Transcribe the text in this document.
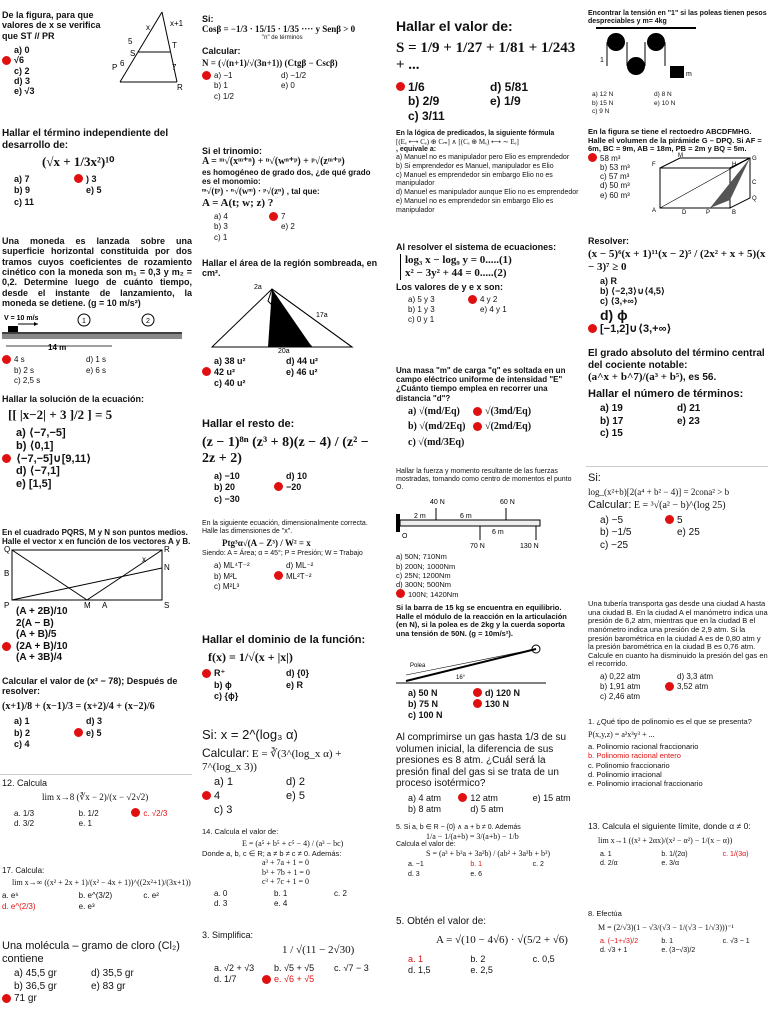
De la figura, para que valores de x se verifica que ST // PR
x+1
x
T
5
S
P 6
R
7
a) 0
√6
c) 2
d) 3
e) √3
Hallar el término independiente del desarrollo de:
(√x + 1/3x²)¹⁰
a) 7	) 3
b) 9	e) 5
c) 11
Una moneda es lanzada sobre una superficie horizontal constituida por dos tramos cuyos coeficientes de rozamiento cinético con la moneda son m₁ = 0,3 y m₂ = 0,2. Determine luego de cuánto tiempo, desde el instante de lanzamiento, la moneda se detiene. (g = 10 m/s²)
V = 10 m/s	1	2
14 m
4 s	d) 1 s
b) 2 s	e) 6 s
c) 2,5 s
Hallar la solución de la ecuación:
[[ |x−2| + 3 ]/2 ] = 5
a) ⟨−7,−5]
b) ⟨0,1]
⟨−7,−5]∪[9,11⟩
d) ⟨−7,1]
e) [1,5]
En el cuadrado PQRS, M y N son puntos medios. Halle el vector x en función de los vectores A y B.
Q	R
N
M
B
A
x
P	S
(A + 2B)/10
2(A − B)
(A + B)/5
(2A + B)/10
(A + 3B)/4
Calcular el valor de (x² − 78); Después de resolver:
(x+1)/8 + (x−1)/3 = (x+2)/4 + (x−2)/6
a) 1	d) 3
b) 2	e) 5
c) 4
12. Calcula
lim x→8 (∛x − 2)/(x − √2√2)
a. 1/3	b. 1/2	c. √2/3
d. 3/2	e. 1
17. Calcula:
lim x→∞ ((x² + 2x + 1)/(x² − 4x + 1))^((2x²+1)/(3x+1))
a. e⁶	b. e^(3/2)	c. e²
d. e^(2/3)	e. e³
Una molécula – gramo de cloro (Cl₂) contiene
a) 45,5 gr	d) 35,5 gr
b) 36,5 gr	e) 83 gr
71 gr
Si:
Cosβ = −1/3 · 15/15 · 1/35 ···· y Senβ > 0
"n" de términos
Calcular:
N = (√(n+1)/√(3n+1)) (Ctgβ − Cscβ)
a) −1	d) −1/2
b) 1	e) 0
c) 1/2
Si el trinomio:
A = ᵐ√(xᵐ⁺ⁿ) + ⁿ√(wⁿ⁺ᵖ) + ᵖ√(zᵐ⁺ᵖ)
es homogéneo de grado dos, ¿de qué grado es el monomio:
ᵐ√(tᵖ) · ⁿ√(wᵐ) · ᵖ√(zⁿ) , tal que:
A = A(t; w; z) ?
a) 4	7
b) 3	e) 2
c) 1
Hallar el área de la región sombreada, en cm².
2a
17a
20a
a) 38 u²	d) 44 u²
42 u²	e) 46 u²
c) 40 u²
Hallar el resto de:
(z − 1)⁸ⁿ (z³ + 8)(z − 4) / (z² − 2z + 2)
a) −10	d) 10
b) 20	−20
c) −30
En la siguiente ecuación, dimensionalmente correcta. Halle las dimensiones de "x".
Ptg³α√(A − Z³) / W² = x
Siendo: A = Área; α = 45°; P = Presión; W = Trabajo
a) ML⁴T⁻²	d) ML⁻²
b) M²L	ML²T⁻²
c) M²L³
Hallar el dominio de la función:
f(x) = 1/√(x + |x|)
R⁺	d) {0}
b) ϕ	e) R
c) {ϕ}
Si: x = 2^(log₃ α)
Calcular: E = ∛(3^(log_x α) + 7^(log_x 3))
a) 1	d) 2
4	e) 5
c) 3
14. Calcula el valor de:
E = (a⁵ + b⁵ + c⁵ − 4) / (a³ − bc)
Donde a, b, c ∈ R; a ≠ b ≠ c ≠ 0. Además:
a³ + 7a + 1 = 0
b³ + 7b + 1 = 0
c³ + 7c + 1 = 0
a. 0	b. 1	c. 2
d. 3	e. 4
3. Simplifica:
1 / √(11 − 2√30)
a. √2 + √3	b. √5 + √5	c. √7 − 3
d. 1/7	e. √6 + √5
Hallar el valor de:
S = 1/9 + 1/27 + 1/81 + 1/243 + ...
1/6	d) 5/81
b) 2/9	e) 1/9
c) 3/11
En la lógica de predicados, la siguiente fórmula
[(Eₑ ⟷ Cₑ) ⊕ Cₘ] ∧ [(Cₑ ⊕ Mₑ) ⟷ ∼ Eₑ]
, equivale a:
a) Manuel no es manipulador pero Elio es emprendedor
b) Si emprendedor es Manuel, manipulador es Elio
c) Manuel es emprendedor sin embargo Elio no es manipulador
d) Manuel es manipulador aunque Elio no es emprendedor
e) Manuel no es emprendedor sin embargo Elio es manipulador
Al resolver el sistema de ecuaciones:
log₃ x − log₉ y = 0.....(1)
x² − 3y² + 44 = 0.....(2)
Los valores de y e x son:
a) 5 y 3	4 y 2
b) 1 y 3	e) 4 y 1
c) 0 y 1
Una masa "m" de carga "q" es soltada en un campo eléctrico uniforme de intensidad "E" ¿Cuánto tiempo emplea en recorrer una distancia "d"?
a) √(md/Eq)	√(3md/Eq)
b) √(md/2Eq)	√(2md/Eq)
c) √(md/3Eq)
Hallar la fuerza y momento resultante de las fuerzas mostradas, tomando como centro de momentos el punto O.
40 N	60 N
2 m	6 m
6 m
O
70 N	130 N
a) 50N; 710Nm
b) 200N; 1000Nm
c) 25N; 1200Nm
d) 300N; 500Nm
100N; 1420Nm
Si la barra de 15 kg se encuentra en equilibrio. Halle el módulo de la reacción en la articulación (en N), si la polea es de 2kg y la cuerda soporta una tensión de 50N. (g = 10m/s²).
Polea
16°
a) 50 N	d) 120 N
b) 75 N	130 N
c) 100 N
Al comprimirse un gas hasta 1/3 de su volumen inicial, la diferencia de sus presiones es 8 atm. ¿Cuál será la presión final del gas si se trata de un proceso isotérmico?
a) 4 atm	12 atm	e) 15 atm
b) 8 atm	d) 5 atm
5. Si a, b ∈ R − {0} ∧ a + b ≠ 0. Además
1/a − 1/(a+b) = 3/(a+b) − 1/b
Calcula el valor de:
S = (a³ + b³a + 3a²b) / (ab² + 3a³b + b³)
a. −1	b. 1	c. 2
d. 3	e. 6
5. Obtén el valor de:
A = √(10 − 4√6) · √(5/2 + √6)
a. 1	b. 2	c. 0,5
d. 1,5	e. 2,5
Encontrar la tensión en "1" si las poleas tienen pesos despreciables y m= 4kg
1
m
a) 12 N	d) 8 N
b) 15 N	e) 10 N
c) 9 N
En la figura se tiene el rectoedro ABCDFMHG. Halle el volumen de la pirámide G – DPQ. Si AF = 6m, BC = 9m, AB = 18m, PB = 2m y BQ = 5m.
58 m³
b) 53 m³
c) 57 m³
d) 50 m³
e) 60 m³
F
M	G
H
A	B
P
Q
C
D
Resolver:
(x − 5)⁶(x + 1)¹¹(x − 2)⁵ / (2x² + x + 5)(x − 3)⁷ ≥ 0
a) R
b) ⟨−2,3⟩∪⟨4,5⟩
c) ⟨3,+∞⟩
d) ϕ
[−1,2]∪⟨3,+∞⟩
El grado absoluto del término central del cociente notable:
(a^x + b^7)/(a³ + b⁵), es 56.
Hallar el número de términos:
a) 19	d) 21
b) 17	e) 23
c) 15
Si:
log_(x²+b)[2(a⁴ + b² − 4)] = 2cona² > b
Calcular: E = ³√(a² − b)^(log 25)
a) −5	5
b) −1/5	e) 25
c) −25
Una tubería transporta gas desde una ciudad A hasta una ciudad B. En la ciudad A el manómetro indica una presión de 6,2 atm, mientras que en la ciudad B el manómetro indica una presión de 2,9 atm. Si la presión barométrica en la ciudad A es de 0,80 atm y la presión barométrica en la ciudad B es 0,76 atm. Calcule en cuanto ha disminuido la presión del gas en el recorrido.
a) 0,22 atm	d) 3,3 atm
b) 1,91 atm	3,52 atm
c) 2,46 atm
1. ¿Qué tipo de polinomio es el que se presenta?
P(x,y,z) = a²x³y³ + ...
a. Polinomio racional fraccionario
b. Polinomio racional entero
c. Polinomio fraccionario
d. Polinomio irracional
e. Polinomio irracional fraccionario
13. Calcula el siguiente límite, donde α ≠ 0:
lim x→1 ((x² + 2αx)/(x² − α²) − 1/(x − α))
a. 1	b. 1/(2α)	c. 1/(3α)
d. 2/α	e. 3/α
8. Efectúa
M = (2/√3)(1 − √3/(√3 − 1/(√3 − 1/√3)))⁻¹
a. (−1+√3)/2	b. 1	c. √3 − 1
d. √3 + 1	e. (3−√3)/2
